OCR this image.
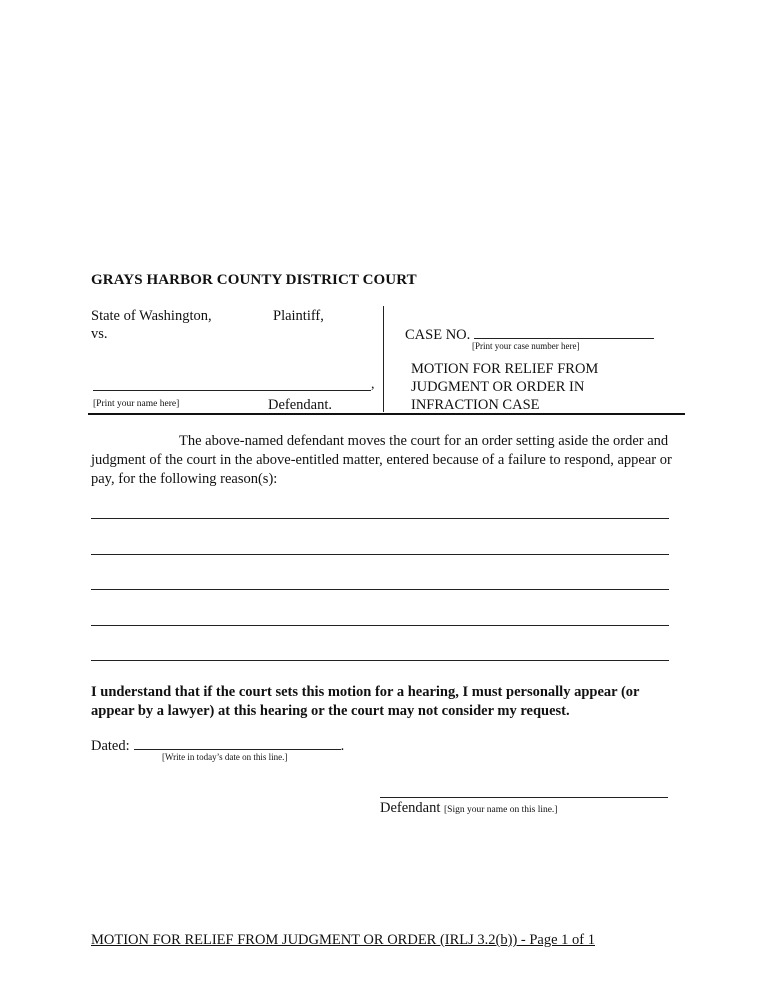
GRAYS HARBOR COUNTY DISTRICT COURT
State of Washington,	Plaintiff,
vs.	CASE NO.
[Print your case number here]
MOTION FOR RELIEF FROM
JUDGMENT OR ORDER IN
INFRACTION CASE
,
[Print your name here]	Defendant.
The above-named defendant moves the court for an order setting aside the order and judgment of the court in the above-entitled matter, entered because of a failure to respond, appear or pay, for the following reason(s):
I understand that if the court sets this motion for a hearing, I must personally appear (or appear by a lawyer) at this hearing or the court may not consider my request.
Dated:	.
[Write in today’s date on this line.]
Defendant [Sign your name on this line.]
MOTION FOR RELIEF FROM JUDGMENT OR ORDER (IRLJ 3.2(b)) - Page 1 of 1
